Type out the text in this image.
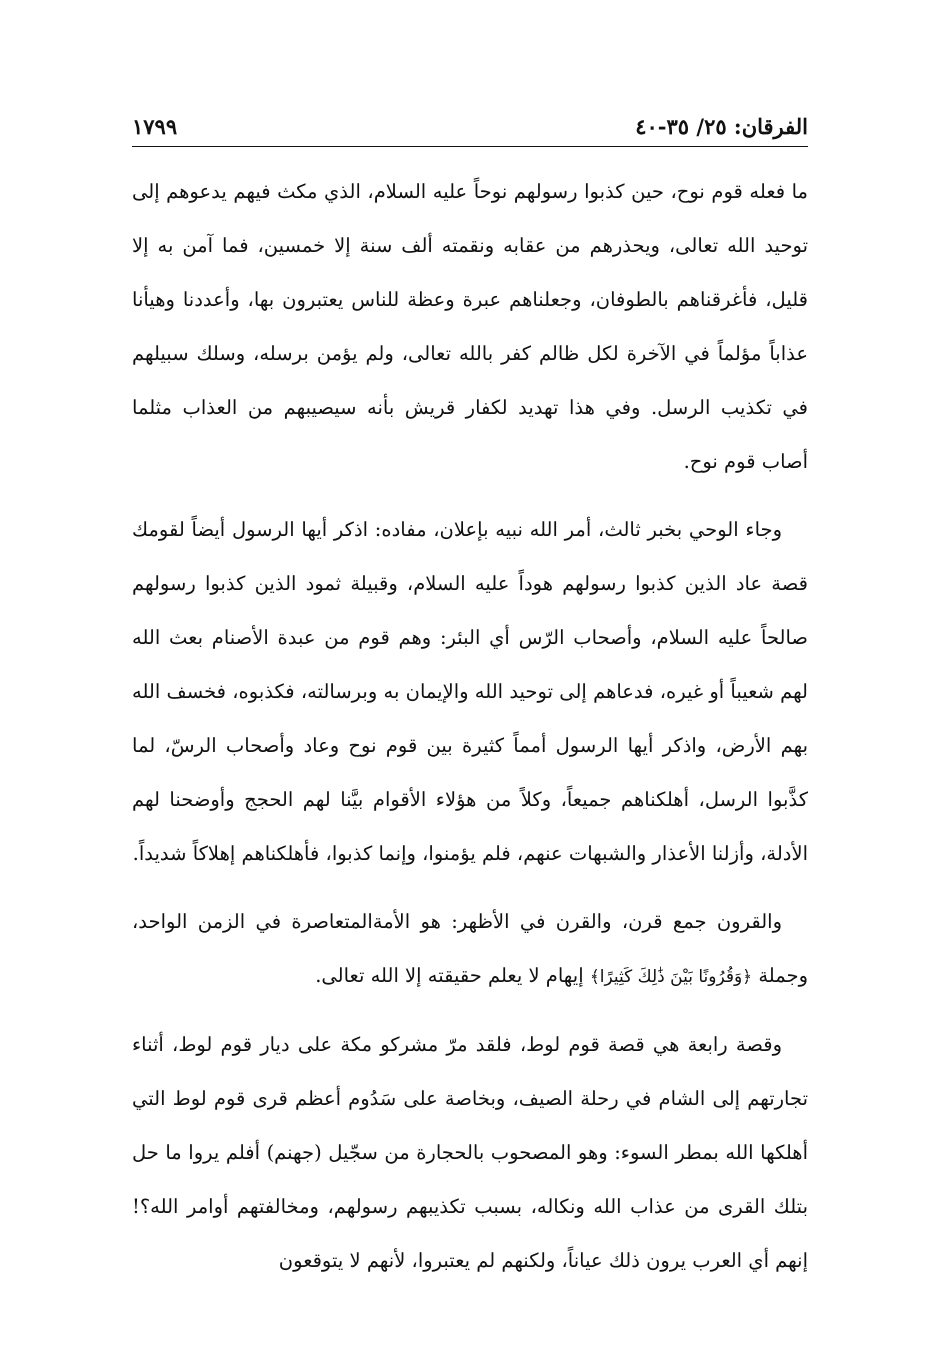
الفرقان: ٢٥/ ٣٥-٤٠
١٧٩٩

ما فعله قوم نوح، حين كذبوا رسولهم نوحاً عليه السلام، الذي مكث فيهم يدعوهم إلى توحيد الله تعالى، ويحذرهم من عقابه ونقمته ألف سنة إلا خمسين، فما آمن به إلا قليل، فأغرقناهم بالطوفان، وجعلناهم عبرة وعظة للناس يعتبرون بها، وأعددنا وهيأنا عذاباً مؤلماً في الآخرة لكل ظالم كفر بالله تعالى، ولم يؤمن برسله، وسلك سبيلهم في تكذيب الرسل. وفي هذا تهديد لكفار قريش بأنه سيصيبهم من العذاب مثلما أصاب قوم نوح.

وجاء الوحي بخبر ثالث، أمر الله نبيه بإعلان، مفاده: اذكر أيها الرسول أيضاً لقومك قصة عاد الذين كذبوا رسولهم هوداً عليه السلام، وقبيلة ثمود الذين كذبوا رسولهم صالحاً عليه السلام، وأصحاب الرّس أي البئر: وهم قوم من عبدة الأصنام بعث الله لهم شعيباً أو غيره، فدعاهم إلى توحيد الله والإيمان به وبرسالته، فكذبوه، فخسف الله بهم الأرض، واذكر أيها الرسول أمماً كثيرة بين قوم نوح وعاد وأصحاب الرسّ، لما كذَّبوا الرسل، أهلكناهم جميعاً، وكلاً من هؤلاء الأقوام بيَّنا لهم الحجج وأوضحنا لهم الأدلة، وأزلنا الأعذار والشبهات عنهم، فلم يؤمنوا، وإنما كذبوا، فأهلكناهم إهلاكاً شديداً.

والقرون جمع قرن، والقرن في الأظهر: هو الأمةالمتعاصرة في الزمن الواحد، وجملة ﴿وَقُرُونًا بَيْنَ ذَٰلِكَ كَثِيرًا﴾ إيهام لا يعلم حقيقته إلا الله تعالى.

وقصة رابعة هي قصة قوم لوط، فلقد مرّ مشركو مكة على ديار قوم لوط، أثناء تجارتهم إلى الشام في رحلة الصيف، وبخاصة على سَدُوم أعظم قرى قوم لوط التي أهلكها الله بمطر السوء: وهو المصحوب بالحجارة من سجّيل (جهنم) أفلم يروا ما حل بتلك القرى من عذاب الله ونكاله، بسبب تكذيبهم رسولهم، ومخالفتهم أوامر الله؟! إنهم أي العرب يرون ذلك عياناً، ولكنهم لم يعتبروا، لأنهم لا يتوقعون
